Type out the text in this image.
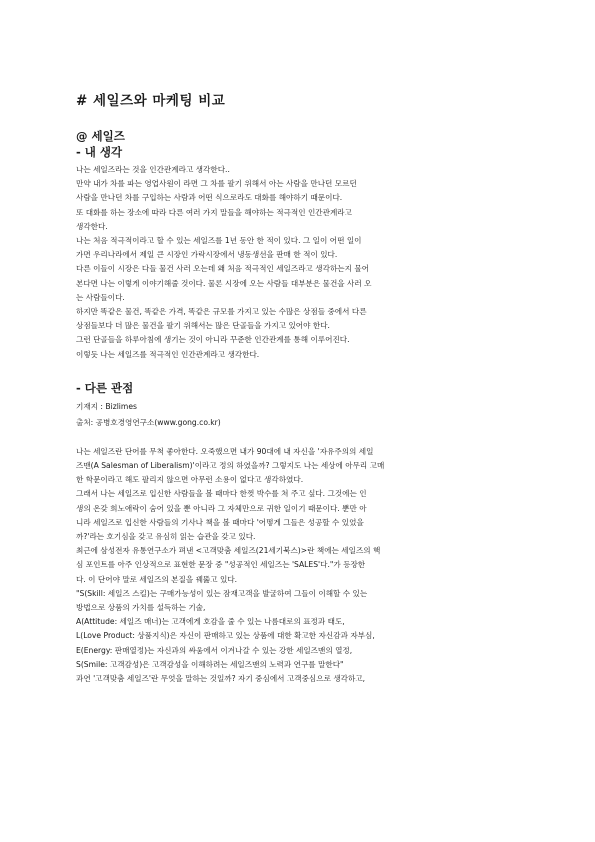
# 세일즈와 마케팅 비교
@ 세일즈
- 내 생각

나는 세일즈라는 것을 인간관계라고 생각한다..
만약 내가 차를 파는 영업사원이 라면 그 차를 팔기 위해서 아는 사람을 만나던 모르던
사람을 만나던 차를 구입하는 사람과 어떤 식으로라도 대화를 해야하기 때문이다.
또 대화를 하는 장소에 따라 다른 여러 가지 말들을 해야하는 적극적인 인간관계라고
생각한다.

나는 처음 적극적이라고 할 수 있는 세일즈를 1년 동안 한 적이 있다. 그 일이 어떤 일이
가면 우리나라에서 제일 큰 시장인 가락시장에서 냉동생선을 판매 한 적이 있다.

다른 이들이 시장은 다들 물건 사러 오는데 왜 처음 적극적인 세일즈라고 생각하는지 물어
본다면 나는 이렇게 이야기해줄 것이다. 물론 시장에 오는 사람들 대부분은 물건을 사러 오
는 사람들이다.

하지만 똑같은 물건, 똑같은 가격, 똑같은 규모를 가지고 있는 수많은 상점들 중에서 다른
상점들보다 더 많은 물건을 팔기 위해서는 많은 단골들을 가지고 있어야 한다.
그런 단골들을 하루아침에 생기는 것이 아니라 꾸준한 인간관계를 통해 이루어진다.
이렇듯 나는 세일즈를 적극적인 인간관계라고 생각한다.

- 다른 관점

기재지 : Bizlimes

출처: 공병호경영연구소(www.gong.co.kr)

나는 세일즈란 단어를 무척 좋아한다. 오죽했으면 내가 90대에 내 자신을 '자유주의의 세일
즈맨(A Salesman of Liberalism)'이라고 정의 하였을까? 그렇지도 나는 세상에 아무리 고매
한 학문이라고 해도 팔리지 않으면 아무런 소용이 없다고 생각하였다.

그래서 나는 세일즈로 입신한 사람들을 볼 때마다 한껏 박수를 쳐 주고 싶다. 그것에는 인
생의 온갖 희노애락이 숨어 있을 뿐 아니라 그 자체만으로 귀한 일이기 때문이다. 뿐만 아
니라 세일즈로 입신한 사람들의 기사나 책을 볼 때마다 '어떻게 그들은 성공할 수 있었을
까?'라는 호기심을 갖고 유심히 읽는 습관을 갖고 있다.

최근에 삼성전자 유통연구소가 펴낸 <고객맞춤 세일즈(21세기북스)>란 책에는 세일즈의 핵
심 포인트를 아주 인상적으로 표현한 문장 중 "성공적인 세일즈는 'SALES'다."가 등장한
다. 이 단어야 말로 세일즈의 본질을 꿰뚫고 있다.

"S(Skill: 세일즈 스킬)는 구매가능성이 있는 잠재고객을 발굴하여 그들이 이해할 수 있는
방법으로 상품의 가치를 설득하는 기술,
A(Attitude: 세일즈 매너)는 고객에게 호감을 줄 수 있는 나름대로의 표정과 태도,
L(Love Product: 상품지식)은 자신이 판매하고 있는 상품에 대한 확고한 자신감과 자부심,
E(Energy: 판매열정)는 자신과의 싸움에서 이겨나갈 수 있는 강한 세일즈맨의 열정,
S(Smile: 고객감성)은 고객감성을 이해하려는 세일즈맨의 노력과 연구를 말한다"

과연 '고객맞춤 세일즈'란 무엇을 말하는 것일까? 자기 중심에서 고객중심으로 생각하고,
